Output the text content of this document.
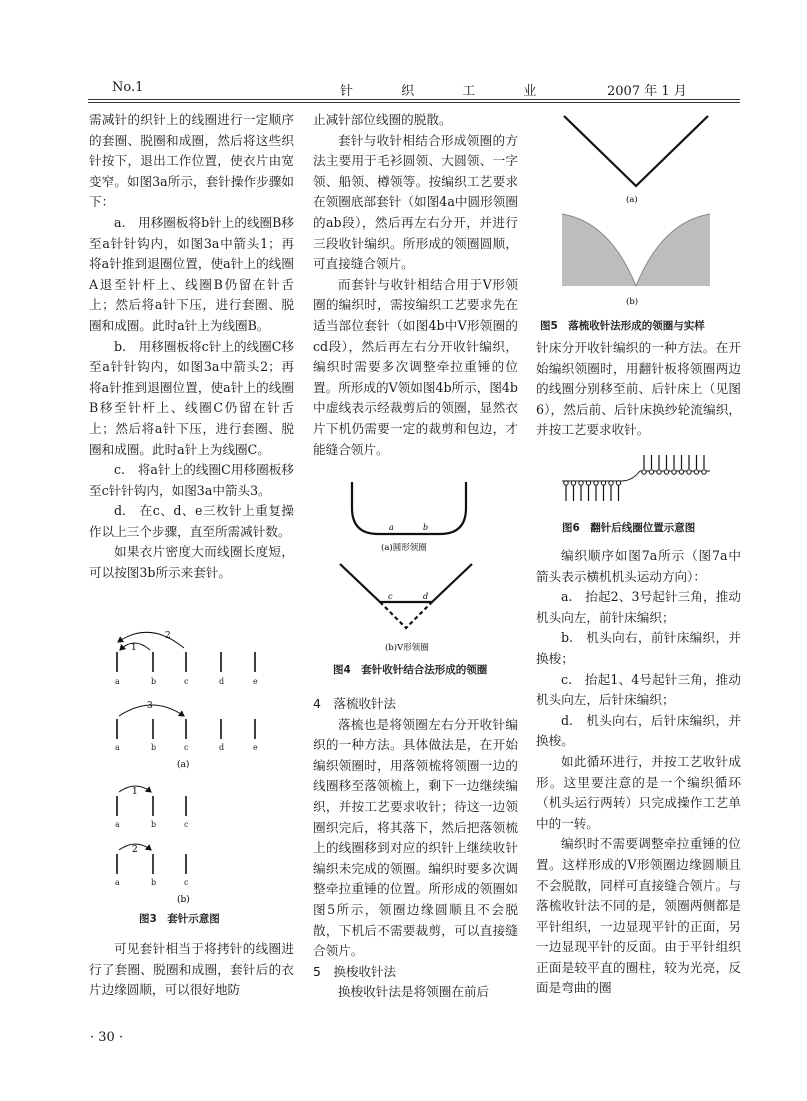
No.1	针 织 工 业	2007 年 1 月

需减针的织针上的线圈进行一定顺序的套圈、脱圈和成圈，然后将这些织针按下，退出工作位置，使衣片由宽变窄。如图3a所示，套针操作步骤如下：

a.　用移圈板将b针上的线圈B移至a针针钩内，如图3a中箭头1；再将a针推到退圈位置，使a针上的线圈A退至针杆上、线圈B仍留在针舌上；然后将a针下压，进行套圈、脱圈和成圈。此时a针上为线圈B。

b.　用移圈板将c针上的线圈C移至a针针钩内，如图3a中箭头2；再将a针推到退圈位置，使a针上的线圈B移至针杆上、线圈C仍留在针舌上；然后将a针下压，进行套圈、脱圈和成圈。此时a针上为线圈C。

c.　将a针上的线圈C用移圈板移至c针针钩内，如图3a中箭头3。

d.　在c、d、e三枚针上重复操作以上三个步骤，直至所需减针数。

如果衣片密度大而线圈长度短，可以按图3b所示来套针。

1
2
a	b	c	d	e
3
a	b	c	d	e
(a)
1
a	b	c
2
a	b	c
(b)
图3　套针示意图

可见套针相当于将拷针的线圈进行了套圈、脱圈和成圈，套针后的衣片边缘圆顺，可以很好地防

止减针部位线圈的脱散。

套针与收针相结合形成领圈的方法主要用于毛衫圆领、大圆领、一字领、船领、樽领等。按编织工艺要求在领圈底部套针（如图4a中圆形领圈的ab段），然后再左右分开，并进行三段收针编织。所形成的领圈圆顺，可直接缝合领片。

而套针与收针相结合用于V形领圈的编织时，需按编织工艺要求先在适当部位套针（如图4b中V形领圈的cd段），然后再左右分开收针编织，编织时需要多次调整牵拉重锤的位置。所形成的V领如图4b所示，图4b中虚线表示经裁剪后的领圈，显然衣片下机仍需要一定的裁剪和包边，才能缝合领片。

a	b
(a)圆形领圈
c	d
(b)V形领圈
图4　套针收针结合法形成的领圈

4　落梳收针法

落梳也是将领圈左右分开收针编织的一种方法。具体做法是，在开始编织领圈时，用落领梳将领圈一边的线圈移至落领梳上，剩下一边继续编织，并按工艺要求收针；待这一边领圈织完后，将其落下，然后把落领梳上的线圈移到对应的织针上继续收针编织未完成的领圈。编织时要多次调整牵拉重锤的位置。所形成的领圈如图5所示，领圈边缘圆顺且不会脱散，下机后不需要裁剪，可以直接缝合领片。

5　换梭收针法

换梭收针法是将领圈在前后

(a)
(b)
图5　落梳收针法形成的领圈与实样

针床分开收针编织的一种方法。在开始编织领圈时，用翻针板将领圈两边的线圈分别移至前、后针床上（见图6），然后前、后针床换纱轮流编织，并按工艺要求收针。

图6　翻针后线圈位置示意图

编织顺序如图7a所示（图7a中箭头表示横机机头运动方向）：

a.　抬起2、3号起针三角，推动机头向左，前针床编织；

b.　机头向右，前针床编织，并换梭；

c.　抬起1、4号起针三角，推动机头向左，后针床编织；

d.　机头向右，后针床编织，并换梭。

如此循环进行，并按工艺收针成形。这里要注意的是一个编织循环（机头运行两转）只完成操作工艺单中的一转。

编织时不需要调整牵拉重锤的位置。这样形成的V形领圈边缘圆顺且不会脱散，同样可直接缝合领片。与落梳收针法不同的是，领圈两侧都是平针组织，一边显现平针的正面，另一边显现平针的反面。由于平针组织正面是较平直的圈柱，较为光亮，反面是弯曲的圈

· 30 ·
